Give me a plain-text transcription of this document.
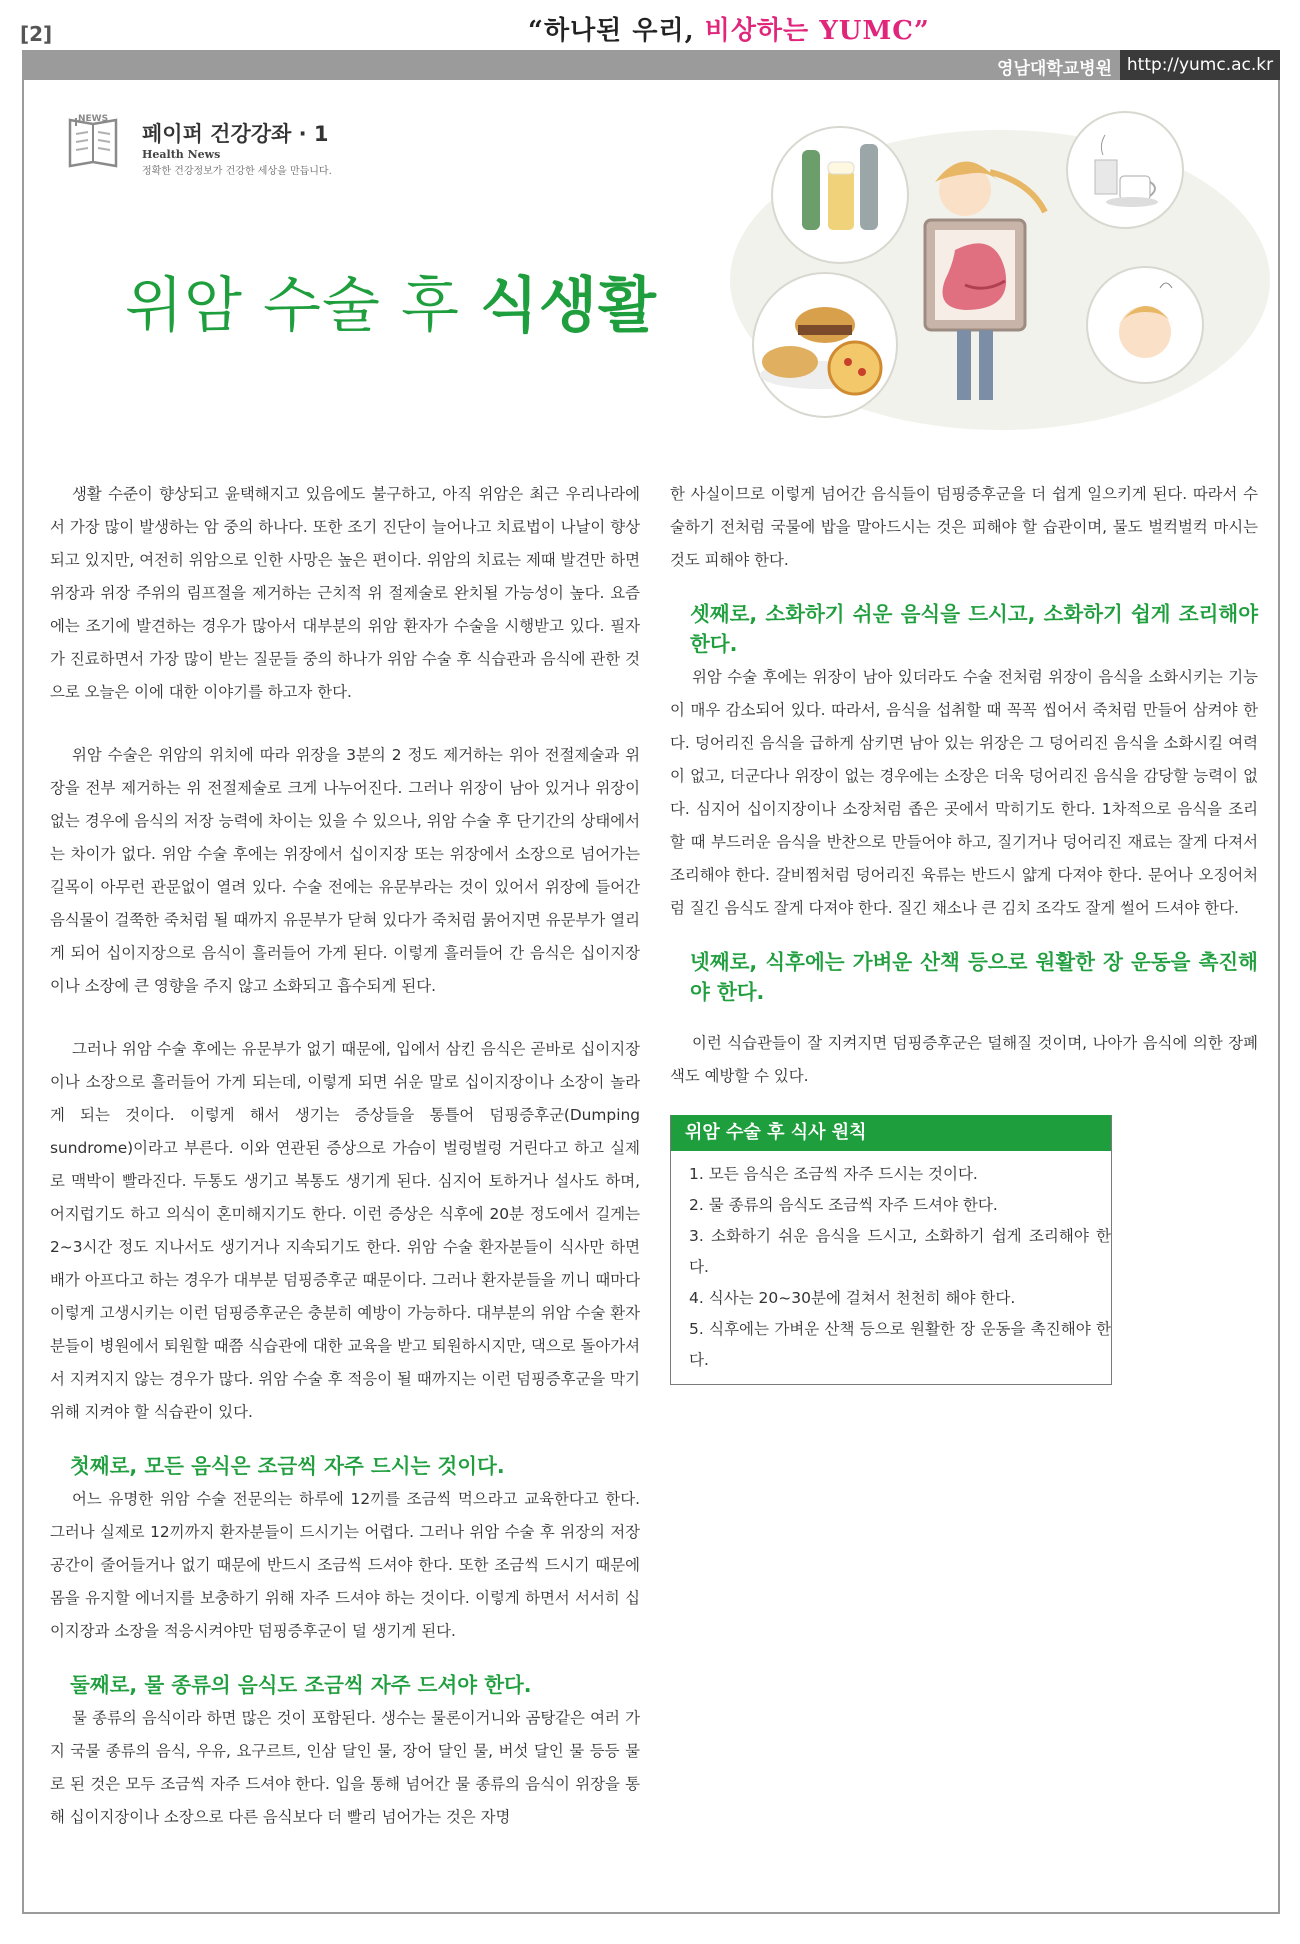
[2]	“하나된 우리, 비상하는 YUMC”
영남대학교병원 http://yumc.ac.kr
NEWS
페이퍼 건강강좌 · 1
Health News
정확한 건강정보가 건강한 세상을 만듭니다.
위암 수술 후 식생활

생활 수준이 향상되고 윤택해지고 있음에도 불구하고, 아직 위암은 최근 우리나라에서 가장 많이 발생하는 암 중의 하나다. 또한 조기 진단이 늘어나고 치료법이 나날이 향상되고 있지만, 여전히 위암으로 인한 사망은 높은 편이다. 위암의 치료는 제때 발견만 하면 위장과 위장 주위의 림프절을 제거하는 근치적 위 절제술로 완치될 가능성이 높다. 요즘에는 조기에 발견하는 경우가 많아서 대부분의 위암 환자가 수술을 시행받고 있다. 필자가 진료하면서 가장 많이 받는 질문들 중의 하나가 위암 수술 후 식습관과 음식에 관한 것으로 오늘은 이에 대한 이야기를 하고자 한다.

위암 수술은 위암의 위치에 따라 위장을 3분의 2 정도 제거하는 위아 전절제술과 위장을 전부 제거하는 위 전절제술로 크게 나누어진다. 그러나 위장이 남아 있거나 위장이 없는 경우에 음식의 저장 능력에 차이는 있을 수 있으나, 위암 수술 후 단기간의 상태에서는 차이가 없다. 위암 수술 후에는 위장에서 십이지장 또는 위장에서 소장으로 넘어가는 길목이 아무런 관문없이 열려 있다. 수술 전에는 유문부라는 것이 있어서 위장에 들어간 음식물이 걸쭉한 죽처럼 될 때까지 유문부가 닫혀 있다가 죽처럼 묽어지면 유문부가 열리게 되어 십이지장으로 음식이 흘러들어 가게 된다. 이렇게 흘러들어 간 음식은 십이지장이나 소장에 큰 영향을 주지 않고 소화되고 흡수되게 된다.

그러나 위암 수술 후에는 유문부가 없기 때문에, 입에서 삼킨 음식은 곧바로 십이지장이나 소장으로 흘러들어 가게 되는데, 이렇게 되면 쉬운 말로 십이지장이나 소장이 놀라게 되는 것이다. 이렇게 해서 생기는 증상들을 통틀어 덤핑증후군(Dumping sundrome)이라고 부른다. 이와 연관된 증상으로 가슴이 벌렁벌렁 거린다고 하고 실제로 맥박이 빨라진다. 두통도 생기고 복통도 생기게 된다. 심지어 토하거나 설사도 하며, 어지럽기도 하고 의식이 혼미해지기도 한다. 이런 증상은 식후에 20분 정도에서 길게는 2~3시간 정도 지나서도 생기거나 지속되기도 한다. 위암 수술 환자분들이 식사만 하면 배가 아프다고 하는 경우가 대부분 덤핑증후군 때문이다. 그러나 환자분들을 끼니 때마다 이렇게 고생시키는 이런 덤핑증후군은 충분히 예방이 가능하다. 대부분의 위암 수술 환자분들이 병원에서 퇴원할 때쯤 식습관에 대한 교육을 받고 퇴원하시지만, 댁으로 돌아가셔서 지켜지지 않는 경우가 많다. 위암 수술 후 적응이 될 때까지는 이런 덤핑증후군을 막기 위해 지켜야 할 식습관이 있다.

첫째로, 모든 음식은 조금씩 자주 드시는 것이다.

어느 유명한 위암 수술 전문의는 하루에 12끼를 조금씩 먹으라고 교육한다고 한다. 그러나 실제로 12끼까지 환자분들이 드시기는 어렵다. 그러나 위암 수술 후 위장의 저장 공간이 줄어들거나 없기 때문에 반드시 조금씩 드셔야 한다. 또한 조금씩 드시기 때문에 몸을 유지할 에너지를 보충하기 위해 자주 드셔야 하는 것이다. 이렇게 하면서 서서히 십이지장과 소장을 적응시켜야만 덤핑증후군이 덜 생기게 된다.

둘째로, 물 종류의 음식도 조금씩 자주 드셔야 한다.

물 종류의 음식이라 하면 많은 것이 포함된다. 생수는 물론이거니와 곰탕같은 여러 가지 국물 종류의 음식, 우유, 요구르트, 인삼 달인 물, 장어 달인 물, 버섯 달인 물 등등 물로 된 것은 모두 조금씩 자주 드셔야 한다. 입을 통해 넘어간 물 종류의 음식이 위장을 통해 십이지장이나 소장으로 다른 음식보다 더 빨리 넘어가는 것은 자명

한 사실이므로 이렇게 넘어간 음식들이 덤핑증후군을 더 쉽게 일으키게 된다. 따라서 수술하기 전처럼 국물에 밥을 말아드시는 것은 피해야 할 습관이며, 물도 벌컥벌컥 마시는 것도 피해야 한다.

셋째로, 소화하기 쉬운 음식을 드시고, 소화하기 쉽게 조리해야 한다.

위암 수술 후에는 위장이 남아 있더라도 수술 전처럼 위장이 음식을 소화시키는 기능이 매우 감소되어 있다. 따라서, 음식을 섭취할 때 꼭꼭 씹어서 죽처럼 만들어 삼켜야 한다. 덩어리진 음식을 급하게 삼키면 남아 있는 위장은 그 덩어리진 음식을 소화시킬 여력이 없고, 더군다나 위장이 없는 경우에는 소장은 더욱 덩어리진 음식을 감당할 능력이 없다. 심지어 십이지장이나 소장처럼 좁은 곳에서 막히기도 한다. 1차적으로 음식을 조리할 때 부드러운 음식을 반찬으로 만들어야 하고, 질기거나 덩어리진 재료는 잘게 다져서 조리해야 한다. 갈비찜처럼 덩어리진 육류는 반드시 얇게 다져야 한다. 문어나 오징어처럼 질긴 음식도 잘게 다져야 한다. 질긴 채소나 큰 김치 조각도 잘게 썰어 드셔야 한다.

넷째로, 식후에는 가벼운 산책 등으로 원활한 장 운동을 촉진해야 한다.

이런 식습관들이 잘 지켜지면 덤핑증후군은 덜해질 것이며, 나아가 음식에 의한 장폐색도 예방할 수 있다.

위암 수술 후 식사 원칙
1. 모든 음식은 조금씩 자주 드시는 것이다.
2. 물 종류의 음식도 조금씩 자주 드셔야 한다.
3. 소화하기 쉬운 음식을 드시고, 소화하기 쉽게 조리해야 한다.
4. 식사는 20~30분에 걸쳐서 천천히 해야 한다.
5. 식후에는 가벼운 산책 등으로 원활한 장 운동을 촉진해야 한다.
